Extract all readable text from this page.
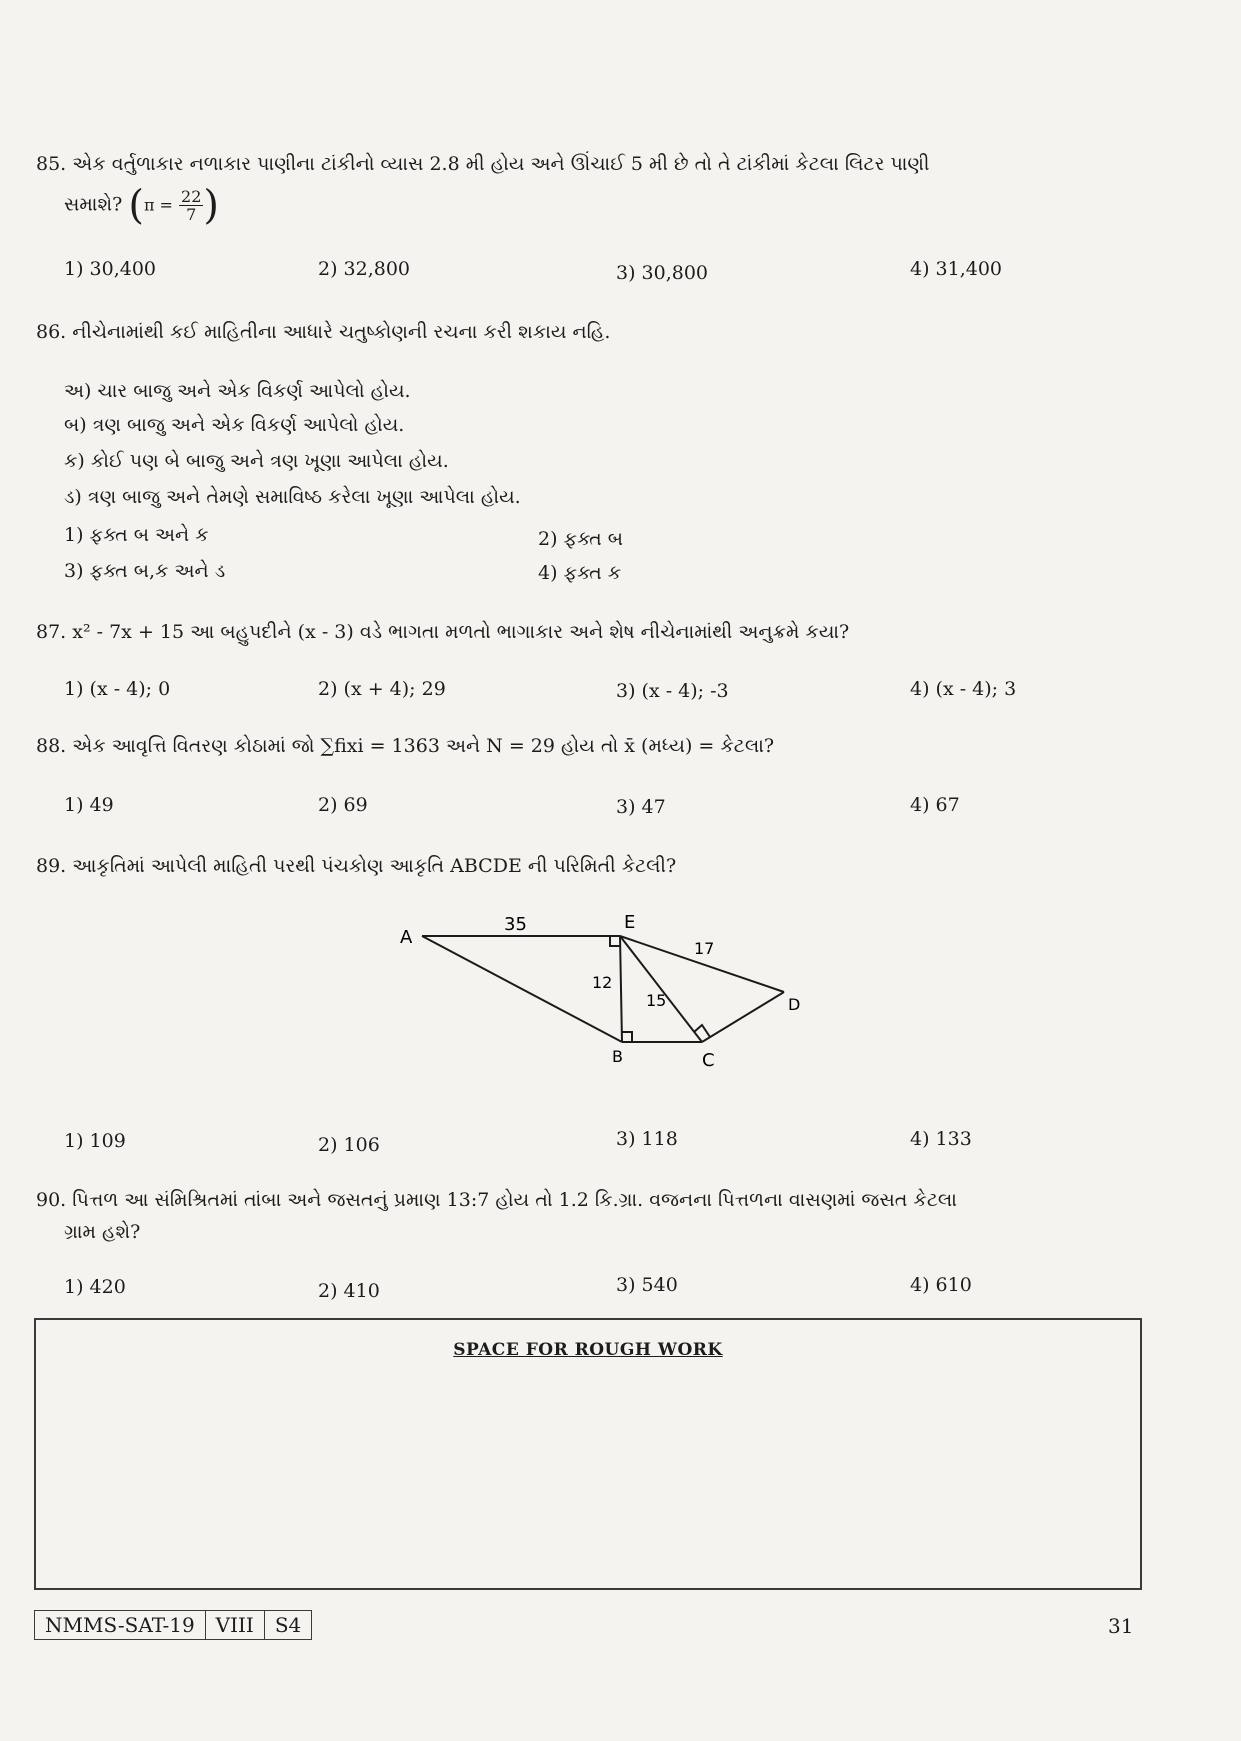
85. એક વર્તુળાકાર નળાકાર પાણીના ટાંકીનો વ્યાસ 2.8 મી હોય અને ઊંચાઈ 5 મી છે તો તે ટાંકીમાં કેટલા લિટર પાણી
સમાશે? ($\pi = \frac{22}{7}$ )
1) 30,400	2) 32,800	3) 30,800	4) 31,400
86. નીચેનામાંથી કઈ માહિતીના આધારે ચતુષ્કોણની રચના કરી શકાય નહિ.
અ) ચાર બાજુ અને એક વિકર્ણ આપેલો હોય.
બ) ત્રણ બાજુ અને એક વિકર્ણ આપેલો હોય.
ક) કોઈ પણ બે બાજુ અને ત્રણ ખૂણા આપેલા હોય.
ડ) ત્રણ બાજુ અને તેમણે સમાવિષ્ઠ કરેલા ખૂણા આપેલા હોય.
1) ફક્ત બ અને ક	2) ફક્ત બ
3) ફક્ત બ,ક અને ડ	4) ફક્ત ક
87. x² - 7x + 15 આ બહુપદીને (x - 3) વડે ભાગતા મળતો ભાગાકાર અને શેષ નીચેનામાંથી અનુક્રમે કયા?
1) (x - 4); 0	2) (x + 4); 29	3) (x - 4); -3	4) (x - 4); 3
88. એક આવૃત્તિ વિતરણ કોઠામાં જો ∑fixi = 1363 અને N = 29 હોય તો x̄ (મધ્ય) = કેટલા?
1) 49	2) 69	3) 47	4) 67
89. આકૃતિમાં આપેલી માહિતી પરથી પંચકોણ આકૃતિ ABCDE ની પરિમિતી કેટલી?
A
E
D
C
B
35
17
12
15
1) 109	2) 106	3) 118	4) 133
90. પિત્તળ આ સંમિશ્રિતમાં તાંબા અને જસતનું પ્રમાણ 13:7 હોય તો 1.2 કિ.ગ્રા. વજનના પિત્તળના વાસણમાં જસત કેટલા
ગ્રામ હશે?
1) 420	2) 410	3) 540	4) 610
SPACE FOR ROUGH WORK
NMMS-SAT-19	VIII	S4	31
